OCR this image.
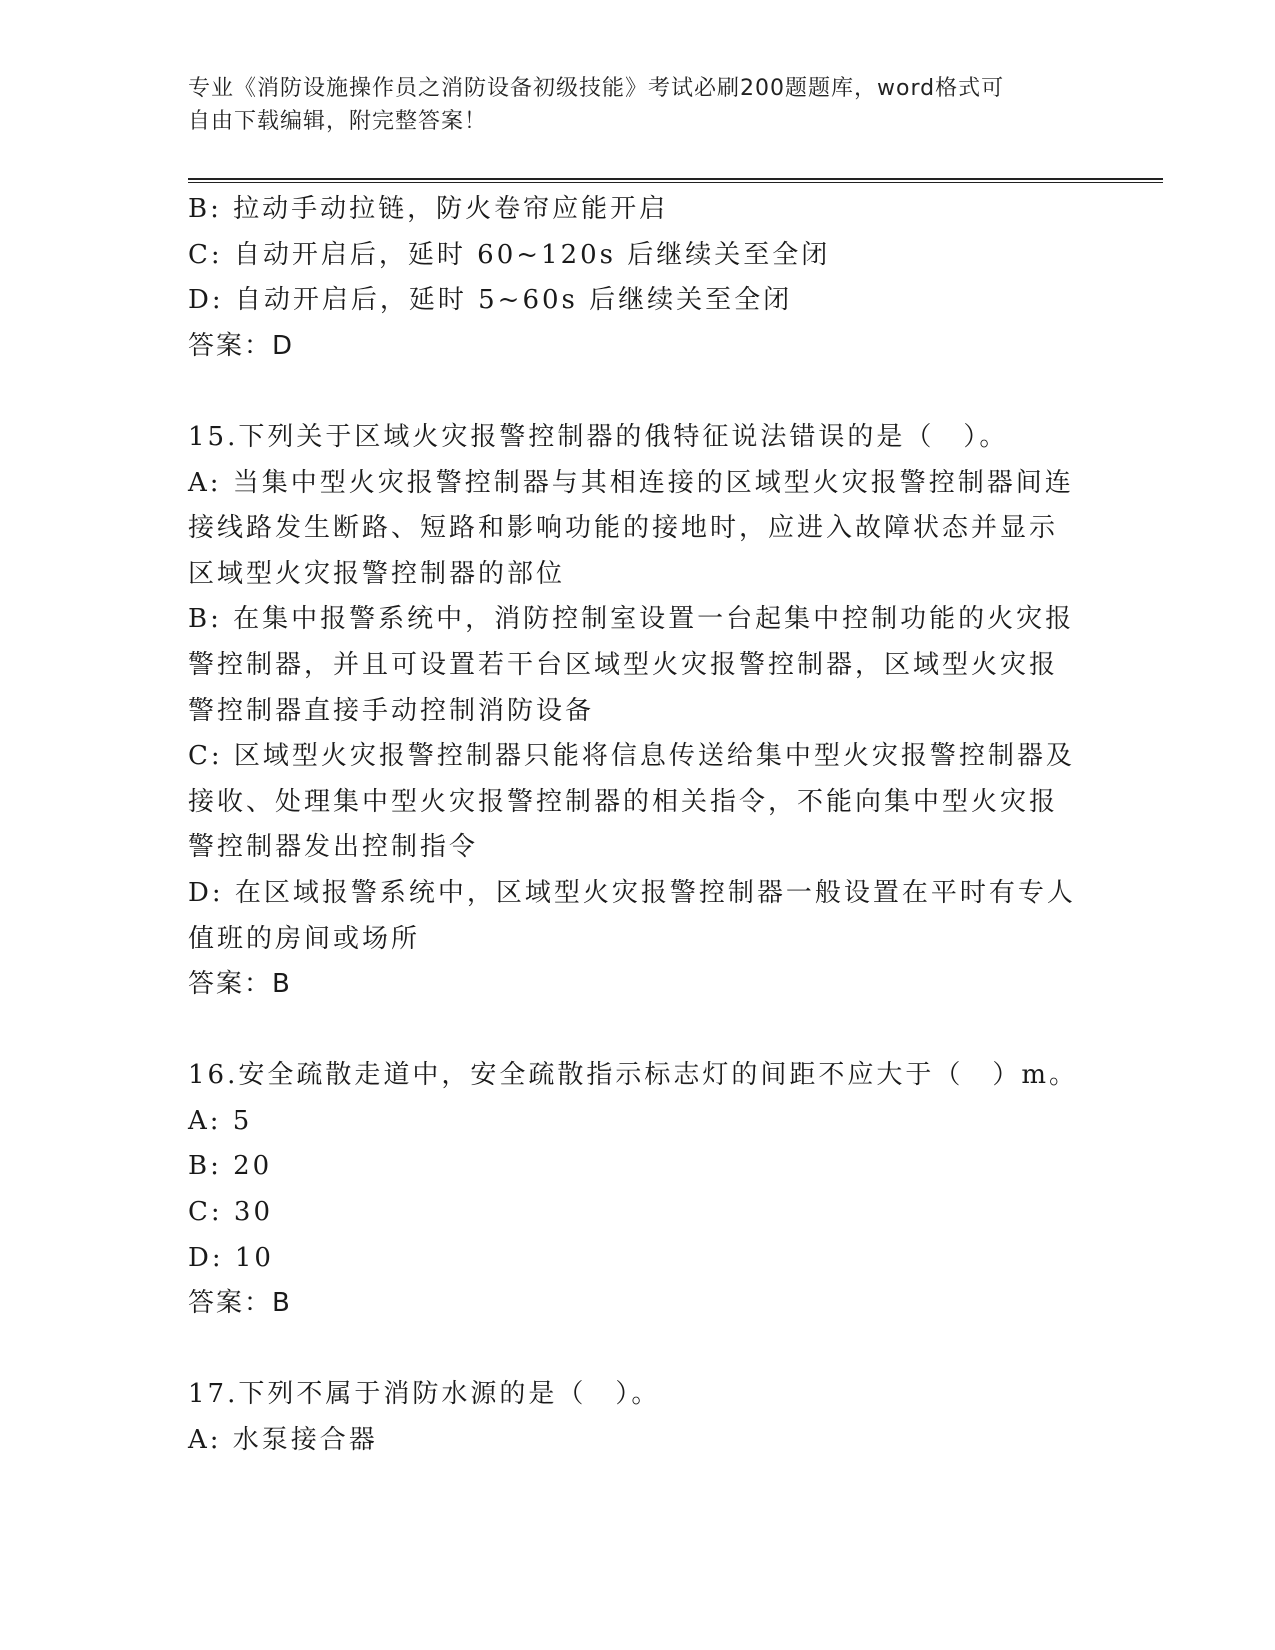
专业《消防设施操作员之消防设备初级技能》考试必刷200题题库，word格式可
自由下载编辑，附完整答案！
B: 拉动手动拉链，防火卷帘应能开启
C: 自动开启后，延时 60~120s 后继续关至全闭
D: 自动开启后，延时 5~60s 后继续关至全闭
答案：D
15.下列关于区域火灾报警控制器的俄特征说法错误的是（　）。
A: 当集中型火灾报警控制器与其相连接的区域型火灾报警控制器间连接线路发生断路、短路和影响功能的接地时，应进入故障状态并显示区域型火灾报警控制器的部位
B: 在集中报警系统中，消防控制室设置一台起集中控制功能的火灾报警控制器，并且可设置若干台区域型火灾报警控制器，区域型火灾报警控制器直接手动控制消防设备
C: 区域型火灾报警控制器只能将信息传送给集中型火灾报警控制器及接收、处理集中型火灾报警控制器的相关指令，不能向集中型火灾报警控制器发出控制指令
D: 在区域报警系统中，区域型火灾报警控制器一般设置在平时有专人值班的房间或场所
答案：B
16.安全疏散走道中，安全疏散指示标志灯的间距不应大于（　）m。
A: 5
B: 20
C: 30
D: 10
答案：B
17.下列不属于消防水源的是（　）。
A: 水泵接合器
